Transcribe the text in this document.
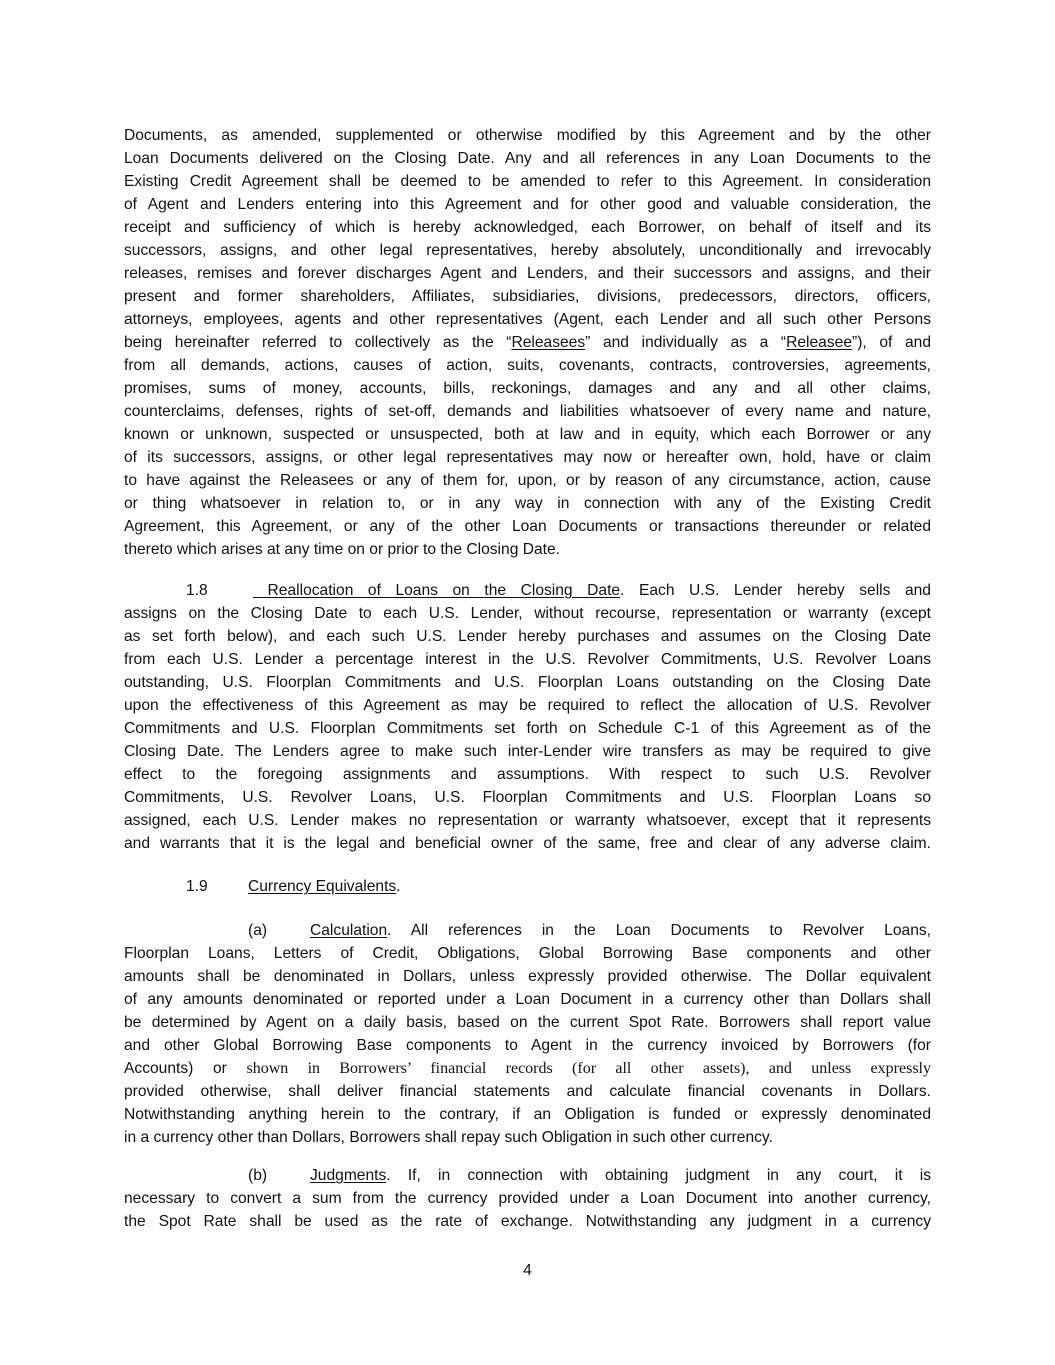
Documents, as amended, supplemented or otherwise modified by this Agreement and by the other
Loan Documents delivered on the Closing Date. Any and all references in any Loan Documents to the
Existing Credit Agreement shall be deemed to be amended to refer to this Agreement. In consideration
of Agent and Lenders entering into this Agreement and for other good and valuable consideration, the
receipt and sufficiency of which is hereby acknowledged, each Borrower, on behalf of itself and its
successors, assigns, and other legal representatives, hereby absolutely, unconditionally and irrevocably
releases, remises and forever discharges Agent and Lenders, and their successors and assigns, and their
present and former shareholders, Affiliates, subsidiaries, divisions, predecessors, directors, officers,
attorneys, employees, agents and other representatives (Agent, each Lender and all such other Persons
being hereinafter referred to collectively as the “Releasees” and individually as a “Releasee”), of and
from all demands, actions, causes of action, suits, covenants, contracts, controversies, agreements,
promises, sums of money, accounts, bills, reckonings, damages and any and all other claims,
counterclaims, defenses, rights of set-off, demands and liabilities whatsoever of every name and nature,
known or unknown, suspected or unsuspected, both at law and in equity, which each Borrower or any
of its successors, assigns, or other legal representatives may now or hereafter own, hold, have or claim
to have against the Releasees or any of them for, upon, or by reason of any circumstance, action, cause
or thing whatsoever in relation to, or in any way in connection with any of the Existing Credit
Agreement, this Agreement, or any of the other Loan Documents or transactions thereunder or related
thereto which arises at any time on or prior to the Closing Date.
1.8	Reallocation of Loans on the Closing Date. Each U.S. Lender hereby sells and
assigns on the Closing Date to each U.S. Lender, without recourse, representation or warranty (except
as set forth below), and each such U.S. Lender hereby purchases and assumes on the Closing Date
from each U.S. Lender a percentage interest in the U.S. Revolver Commitments, U.S. Revolver Loans
outstanding, U.S. Floorplan Commitments and U.S. Floorplan Loans outstanding on the Closing Date
upon the effectiveness of this Agreement as may be required to reflect the allocation of U.S. Revolver
Commitments and U.S. Floorplan Commitments set forth on Schedule C-1 of this Agreement as of the
Closing Date. The Lenders agree to make such inter-Lender wire transfers as may be required to give
effect to the foregoing assignments and assumptions. With respect to such U.S. Revolver
Commitments, U.S. Revolver Loans, U.S. Floorplan Commitments and U.S. Floorplan Loans so
assigned, each U.S. Lender makes no representation or warranty whatsoever, except that it represents
and warrants that it is the legal and beneficial owner of the same, free and clear of any adverse claim.
1.9	Currency Equivalents.
(a)	Calculation. All references in the Loan Documents to Revolver Loans,
Floorplan Loans, Letters of Credit, Obligations, Global Borrowing Base components and other
amounts shall be denominated in Dollars, unless expressly provided otherwise. The Dollar equivalent
of any amounts denominated or reported under a Loan Document in a currency other than Dollars shall
be determined by Agent on a daily basis, based on the current Spot Rate. Borrowers shall report value
and other Global Borrowing Base components to Agent in the currency invoiced by Borrowers (for
Accounts) or shown in Borrowers’ financial records (for all other assets), and unless expressly
provided otherwise, shall deliver financial statements and calculate financial covenants in Dollars.
Notwithstanding anything herein to the contrary, if an Obligation is funded or expressly denominated
in a currency other than Dollars, Borrowers shall repay such Obligation in such other currency.
(b)	Judgments. If, in connection with obtaining judgment in any court, it is
necessary to convert a sum from the currency provided under a Loan Document into another currency,
the Spot Rate shall be used as the rate of exchange. Notwithstanding any judgment in a currency
4
